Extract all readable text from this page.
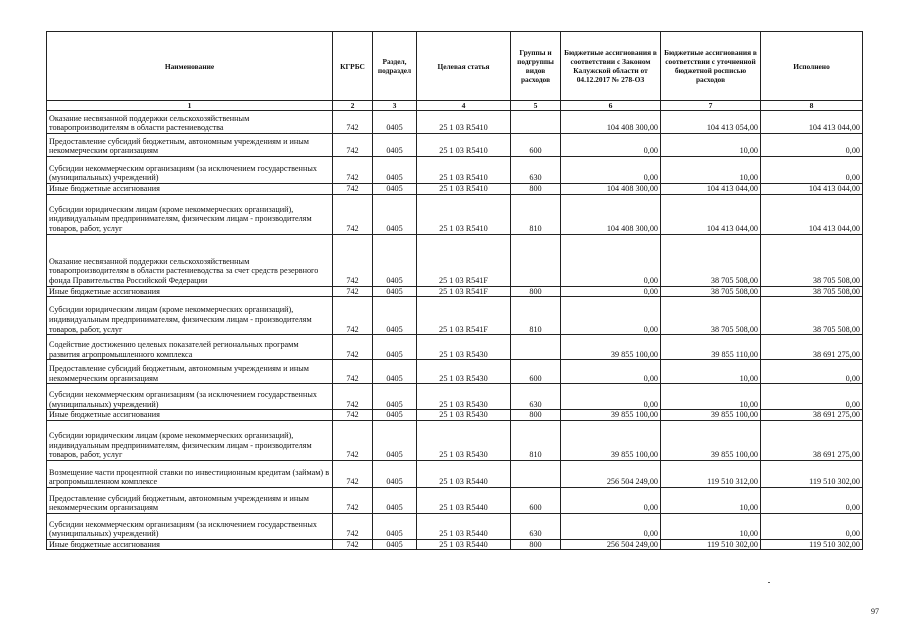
Наименование	КГРБС	Раздел, подраздел	Целевая статья	Группы и подгруппы видов расходов	Бюджетные ассигнования в соответствии с Законом Калужской области от 04.12.2017 № 278-ОЗ	Бюджетные ассигнования в соответствии с уточненной бюджетной росписью расходов	Исполнено
1	2	3	4	5	6	7	8
Оказание несвязанной поддержки сельскохозяйственным товаропроизводителям в области растениеводства	742	0405	25 1 03 R5410		104 408 300,00	104 413 054,00	104 413 044,00
Предоставление субсидий бюджетным, автономным учреждениям и иным некоммерческим организациям	742	0405	25 1 03 R5410	600	0,00	10,00	0,00
Субсидии некоммерческим организациям (за исключением государственных (муниципальных) учреждений)	742	0405	25 1 03 R5410	630	0,00	10,00	0,00
Иные бюджетные ассигнования	742	0405	25 1 03 R5410	800	104 408 300,00	104 413 044,00	104 413 044,00
Субсидии юридическим лицам (кроме некоммерческих организаций), индивидуальным предпринимателям, физическим лицам - производителям товаров, работ, услуг	742	0405	25 1 03 R5410	810	104 408 300,00	104 413 044,00	104 413 044,00
Оказание несвязанной поддержки сельскохозяйственным товаропроизводителям в области растениеводства за счет средств резервного фонда Правительства Российской Федерации	742	0405	25 1 03 R541F		0,00	38 705 508,00	38 705 508,00
Иные бюджетные ассигнования	742	0405	25 1 03 R541F	800	0,00	38 705 508,00	38 705 508,00
Субсидии юридическим лицам (кроме некоммерческих организаций), индивидуальным предпринимателям, физическим лицам - производителям товаров, работ, услуг	742	0405	25 1 03 R541F	810	0,00	38 705 508,00	38 705 508,00
Содействие достижению целевых показателей региональных программ развития агропромышленного комплекса	742	0405	25 1 03 R5430		39 855 100,00	39 855 110,00	38 691 275,00
Предоставление субсидий бюджетным, автономным учреждениям и иным некоммерческим организациям	742	0405	25 1 03 R5430	600	0,00	10,00	0,00
Субсидии некоммерческим организациям (за исключением государственных (муниципальных) учреждений)	742	0405	25 1 03 R5430	630	0,00	10,00	0,00
Иные бюджетные ассигнования	742	0405	25 1 03 R5430	800	39 855 100,00	39 855 100,00	38 691 275,00
Субсидии юридическим лицам (кроме некоммерческих организаций), индивидуальным предпринимателям, физическим лицам - производителям товаров, работ, услуг	742	0405	25 1 03 R5430	810	39 855 100,00	39 855 100,00	38 691 275,00
Возмещение части процентной ставки по инвестиционным кредитам (займам) в агропромышленном комплексе	742	0405	25 1 03 R5440		256 504 249,00	119 510 312,00	119 510 302,00
Предоставление субсидий бюджетным, автономным учреждениям и иным некоммерческим организациям	742	0405	25 1 03 R5440	600	0,00	10,00	0,00
Субсидии некоммерческим организациям (за исключением государственных (муниципальных) учреждений)	742	0405	25 1 03 R5440	630	0,00	10,00	0,00
Иные бюджетные ассигнования	742	0405	25 1 03 R5440	800	256 504 249,00	119 510 302,00	119 510 302,00
97
